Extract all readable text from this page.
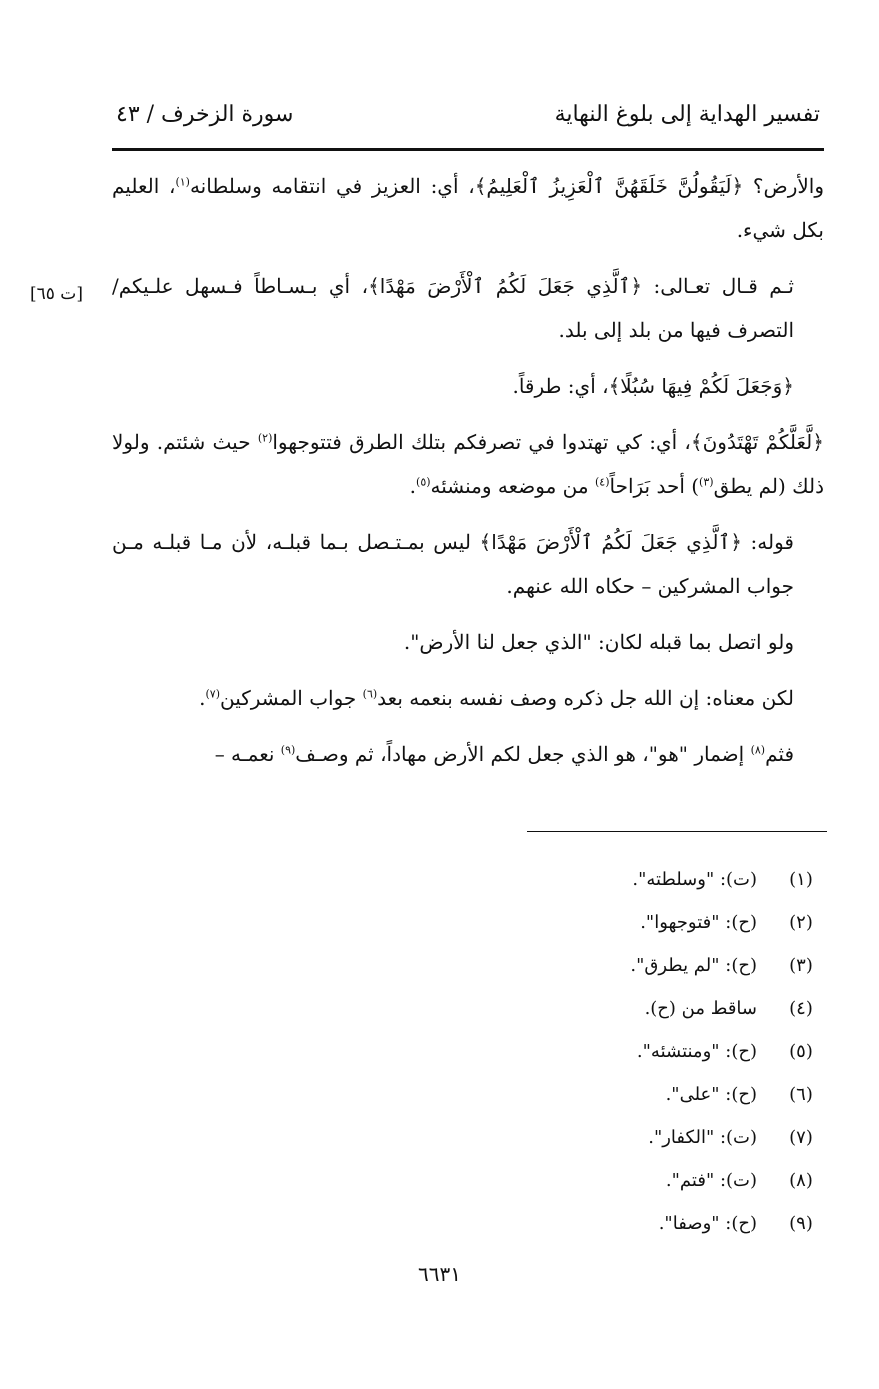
تفسير الهداية إلى بلوغ النهاية
سورة الزخرف / ٤٣
[ت ٦٥]

والأرض؟ ﴿لَيَقُولُنَّ خَلَقَهُنَّ ٱلْعَزِيزُ ٱلْعَلِيمُ﴾، أي: العزيز في انتقامه وسلطانه$^{(١)}$، العليم بكل شيء.

ثـم قـال تعـالى: ﴿ٱلَّذِي جَعَلَ لَكُمُ ٱلْأَرْضَ مَهْدًا﴾، أي بـسـاطاً فـسهل علـيكم/ التصرف فيها من بلد إلى بلد.

﴿وَجَعَلَ لَكُمْ فِيهَا سُبُلًا﴾، أي: طرقاً.

﴿لَّعَلَّكُمْ تَهْتَدُونَ﴾، أي: كي تهتدوا في تصرفكم بتلك الطرق فتتوجهوا$^{(٢)}$ حيث شئتم. ولولا ذلك (لم يطق$^{(٣)}$) أحد بَرَاحاً$^{(٤)}$ من موضعه ومنشئه$^{(٥)}$.

قوله: ﴿ٱلَّذِي جَعَلَ لَكُمُ ٱلْأَرْضَ مَهْدًا﴾ ليس بمـتـصل بـما قبلـه، لأن مـا قبلـه مـن جواب المشركين – حكاه الله عنهم.

ولو اتصل بما قبله لكان: "الذي جعل لنا الأرض".

لكن معناه: إن الله جل ذكره وصف نفسه بنعمه بعد$^{(٦)}$ جواب المشركين$^{(٧)}$.

فثم$^{(٨)}$ إضمار "هو"، هو الذي جعل لكم الأرض مهاداً، ثم وصـف$^{(٩)}$ نعمـه –

(١)
(ت): "وسلطته".
(٢)
(ح): "فتوجهوا".
(٣)
(ح): "لم يطرق".
(٤)
ساقط من (ح).
(٥)
(ح): "ومنتشئه".
(٦)
(ح): "على".
(٧)
(ت): "الكفار".
(٨)
(ت): "فتم".
(٩)
(ح): "وصفا".
٦٦٣١
